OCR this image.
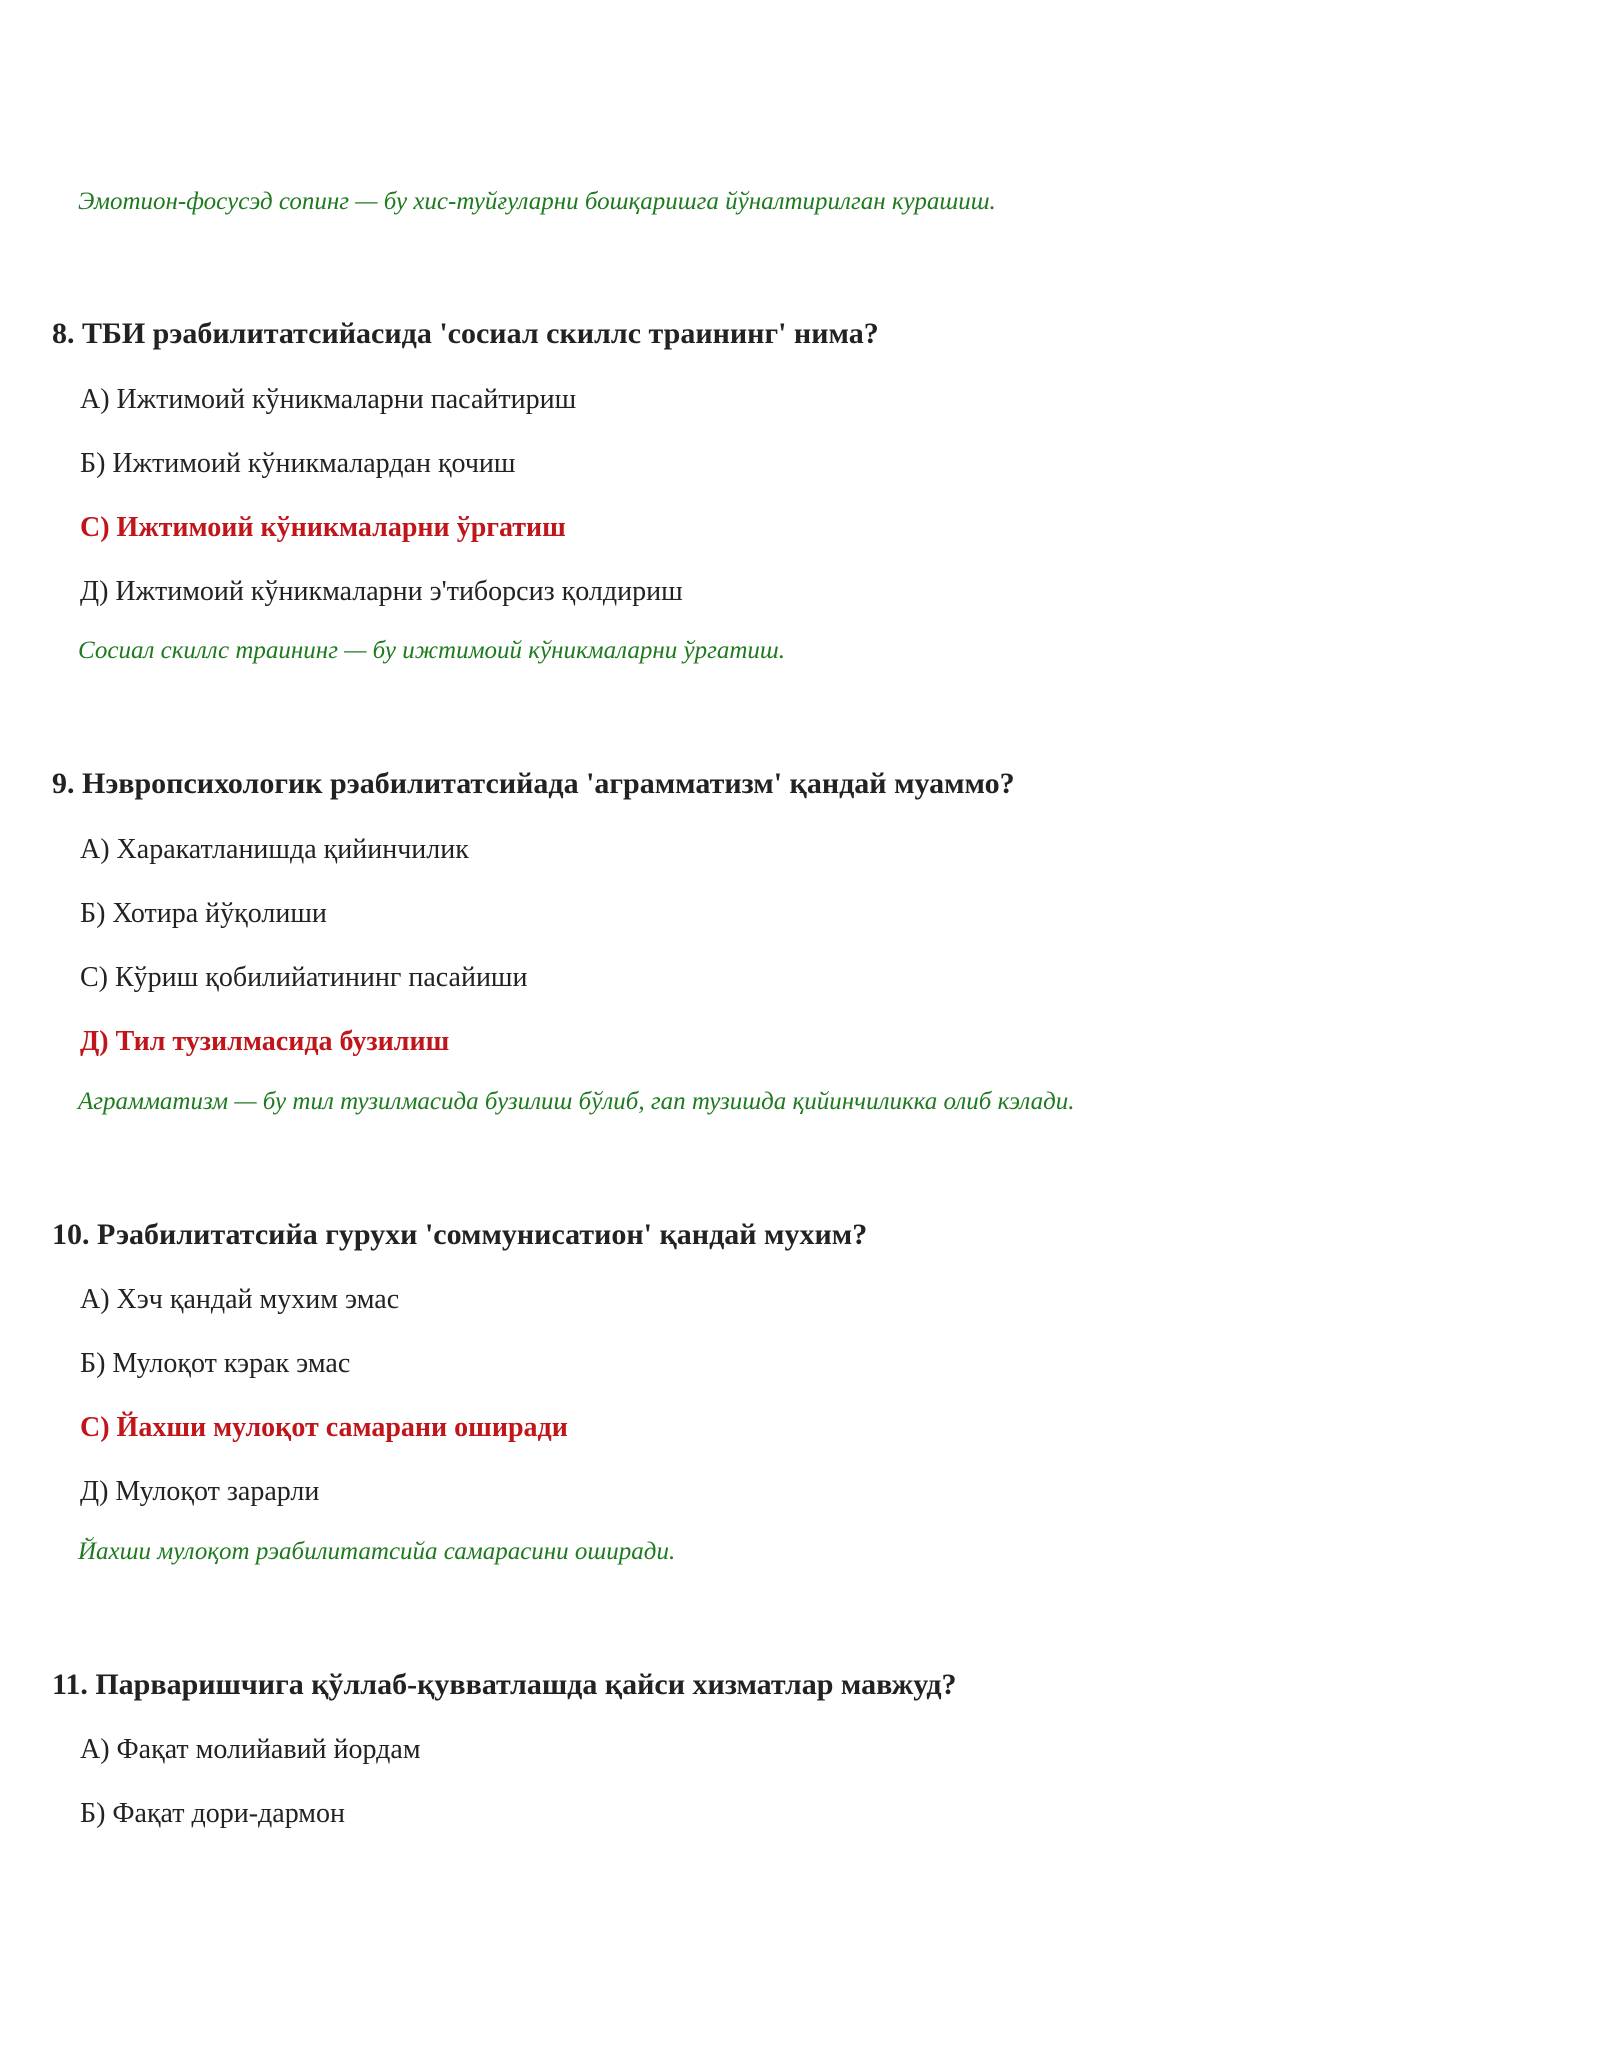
Эмотион-фосусэд сопинг — бу хис-туйғуларни бошқаришга йўналтирилган курашиш.
8. ТБИ рэабилитатсийасида 'сосиал скиллс траининг' нима?
А) Ижтимоий кўникмаларни пасайтириш
Б) Ижтимоий кўникмалардан қочиш
С) Ижтимоий кўникмаларни ўргатиш
Д) Ижтимоий кўникмаларни э'тиборсиз қолдириш
Сосиал скиллс траининг — бу ижтимоий кўникмаларни ўргатиш.
9. Нэвропсихологик рэабилитатсийада 'аграмматизм' қандай муаммо?
А) Харакатланишда қийинчилик
Б) Хотира йўқолиши
С) Кўриш қобилийатининг пасайиши
Д) Тил тузилмасида бузилиш
Аграмматизм — бу тил тузилмасида бузилиш бўлиб, гап тузишда қийинчиликка олиб кэлади.
10. Рэабилитатсийа гурухи 'соммунисатион' қандай мухим?
А) Хэч қандай мухим эмас
Б) Мулоқот кэрак эмас
С) Йахши мулоқот самарани оширади
Д) Мулоқот зарарли
Йахши мулоқот рэабилитатсийа самарасини оширади.
11. Парваришчига қўллаб-қувватлашда қайси хизматлар мавжуд?
А) Фақат молийавий йордам
Б) Фақат дори-дармон
